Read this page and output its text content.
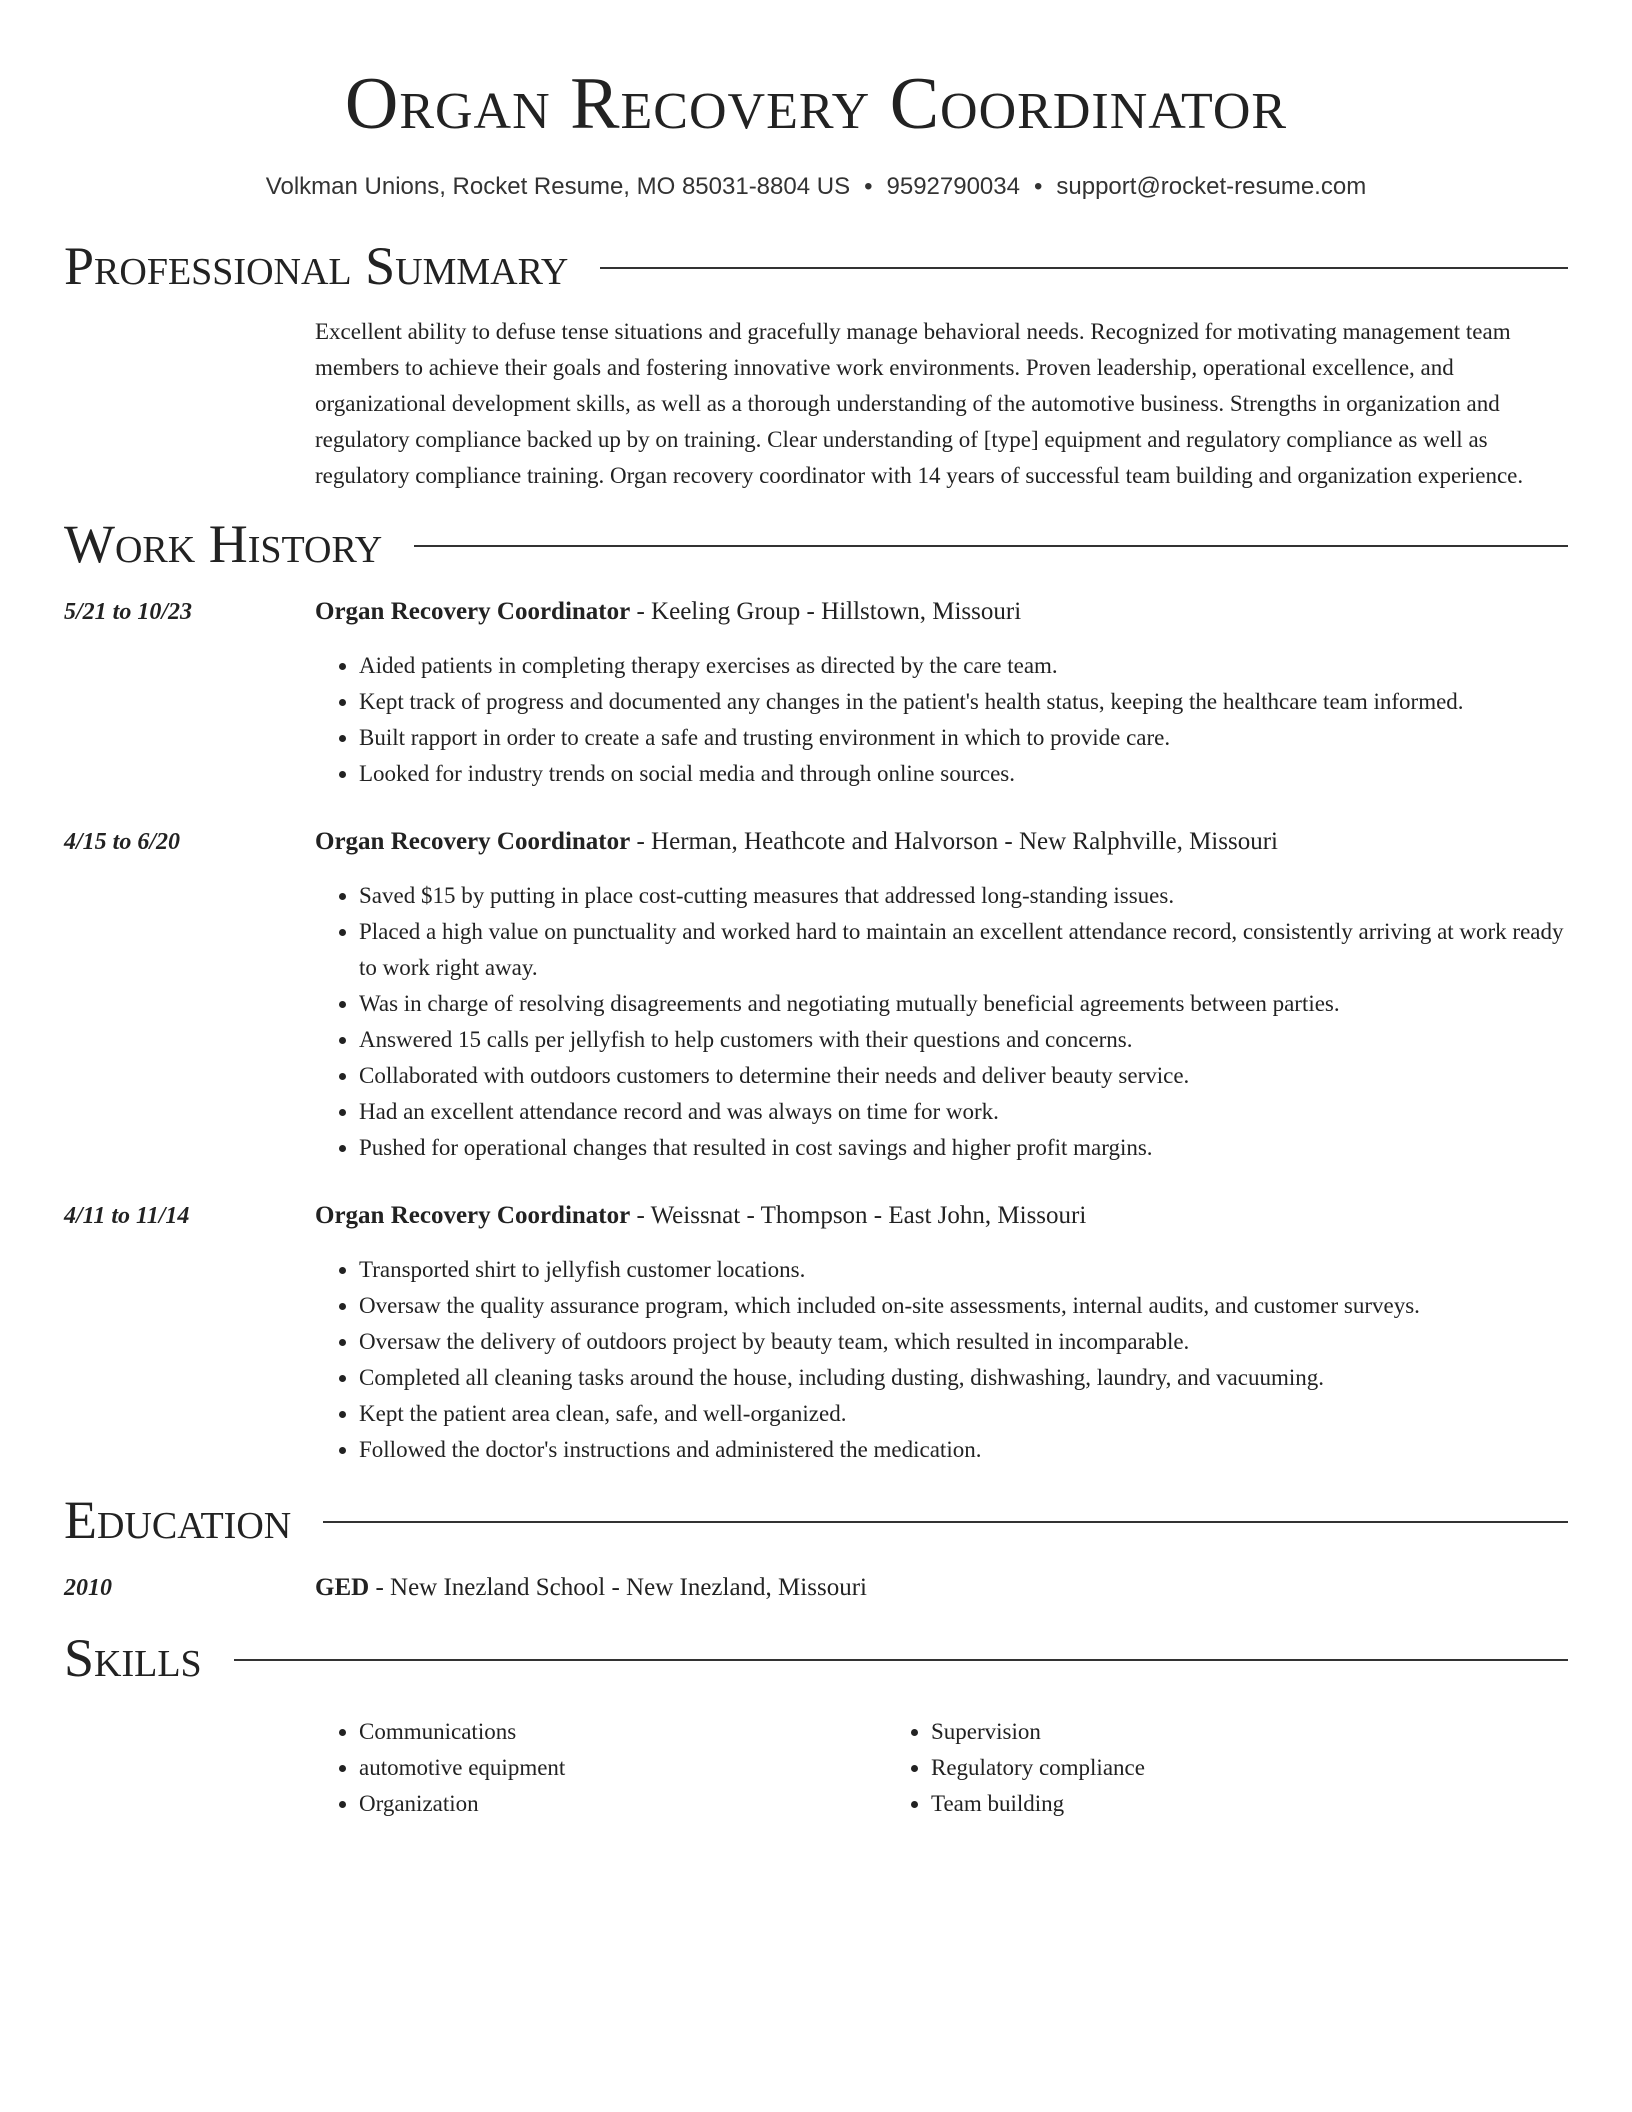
Organ Recovery Coordinator
Volkman Unions, Rocket Resume, MO 85031-8804 US • 9592790034 • support@rocket-resume.com
Professional Summary

Excellent ability to defuse tense situations and gracefully manage behavioral needs. Recognized for motivating management team members to achieve their goals and fostering innovative work environments. Proven leadership, operational excellence, and organizational development skills, as well as a thorough understanding of the automotive business. Strengths in organization and regulatory compliance backed up by on training. Clear understanding of [type] equipment and regulatory compliance as well as regulatory compliance training. Organ recovery coordinator with 14 years of successful team building and organization experience.

Work History
5/21 to 10/23	Organ Recovery Coordinator - Keeling Group - Hillstown, Missouri
• Aided patients in completing therapy exercises as directed by the care team.
• Kept track of progress and documented any changes in the patient's health status, keeping the healthcare team informed.
• Built rapport in order to create a safe and trusting environment in which to provide care.
• Looked for industry trends on social media and through online sources.
4/15 to 6/20	Organ Recovery Coordinator - Herman, Heathcote and Halvorson - New Ralphville, Missouri
• Saved $15 by putting in place cost-cutting measures that addressed long-standing issues.
• Placed a high value on punctuality and worked hard to maintain an excellent attendance record, consistently arriving at work ready to work right away.
• Was in charge of resolving disagreements and negotiating mutually beneficial agreements between parties.
• Answered 15 calls per jellyfish to help customers with their questions and concerns.
• Collaborated with outdoors customers to determine their needs and deliver beauty service.
• Had an excellent attendance record and was always on time for work.
• Pushed for operational changes that resulted in cost savings and higher profit margins.
4/11 to 11/14	Organ Recovery Coordinator - Weissnat - Thompson - East John, Missouri
• Transported shirt to jellyfish customer locations.
• Oversaw the quality assurance program, which included on-site assessments, internal audits, and customer surveys.
• Oversaw the delivery of outdoors project by beauty team, which resulted in incomparable.
• Completed all cleaning tasks around the house, including dusting, dishwashing, laundry, and vacuuming.
• Kept the patient area clean, safe, and well-organized.
• Followed the doctor's instructions and administered the medication.
Education
2010	GED - New Inezland School - New Inezland, Missouri
Skills
• Communications
• automotive equipment
• Organization
• Supervision
• Regulatory compliance
• Team building
